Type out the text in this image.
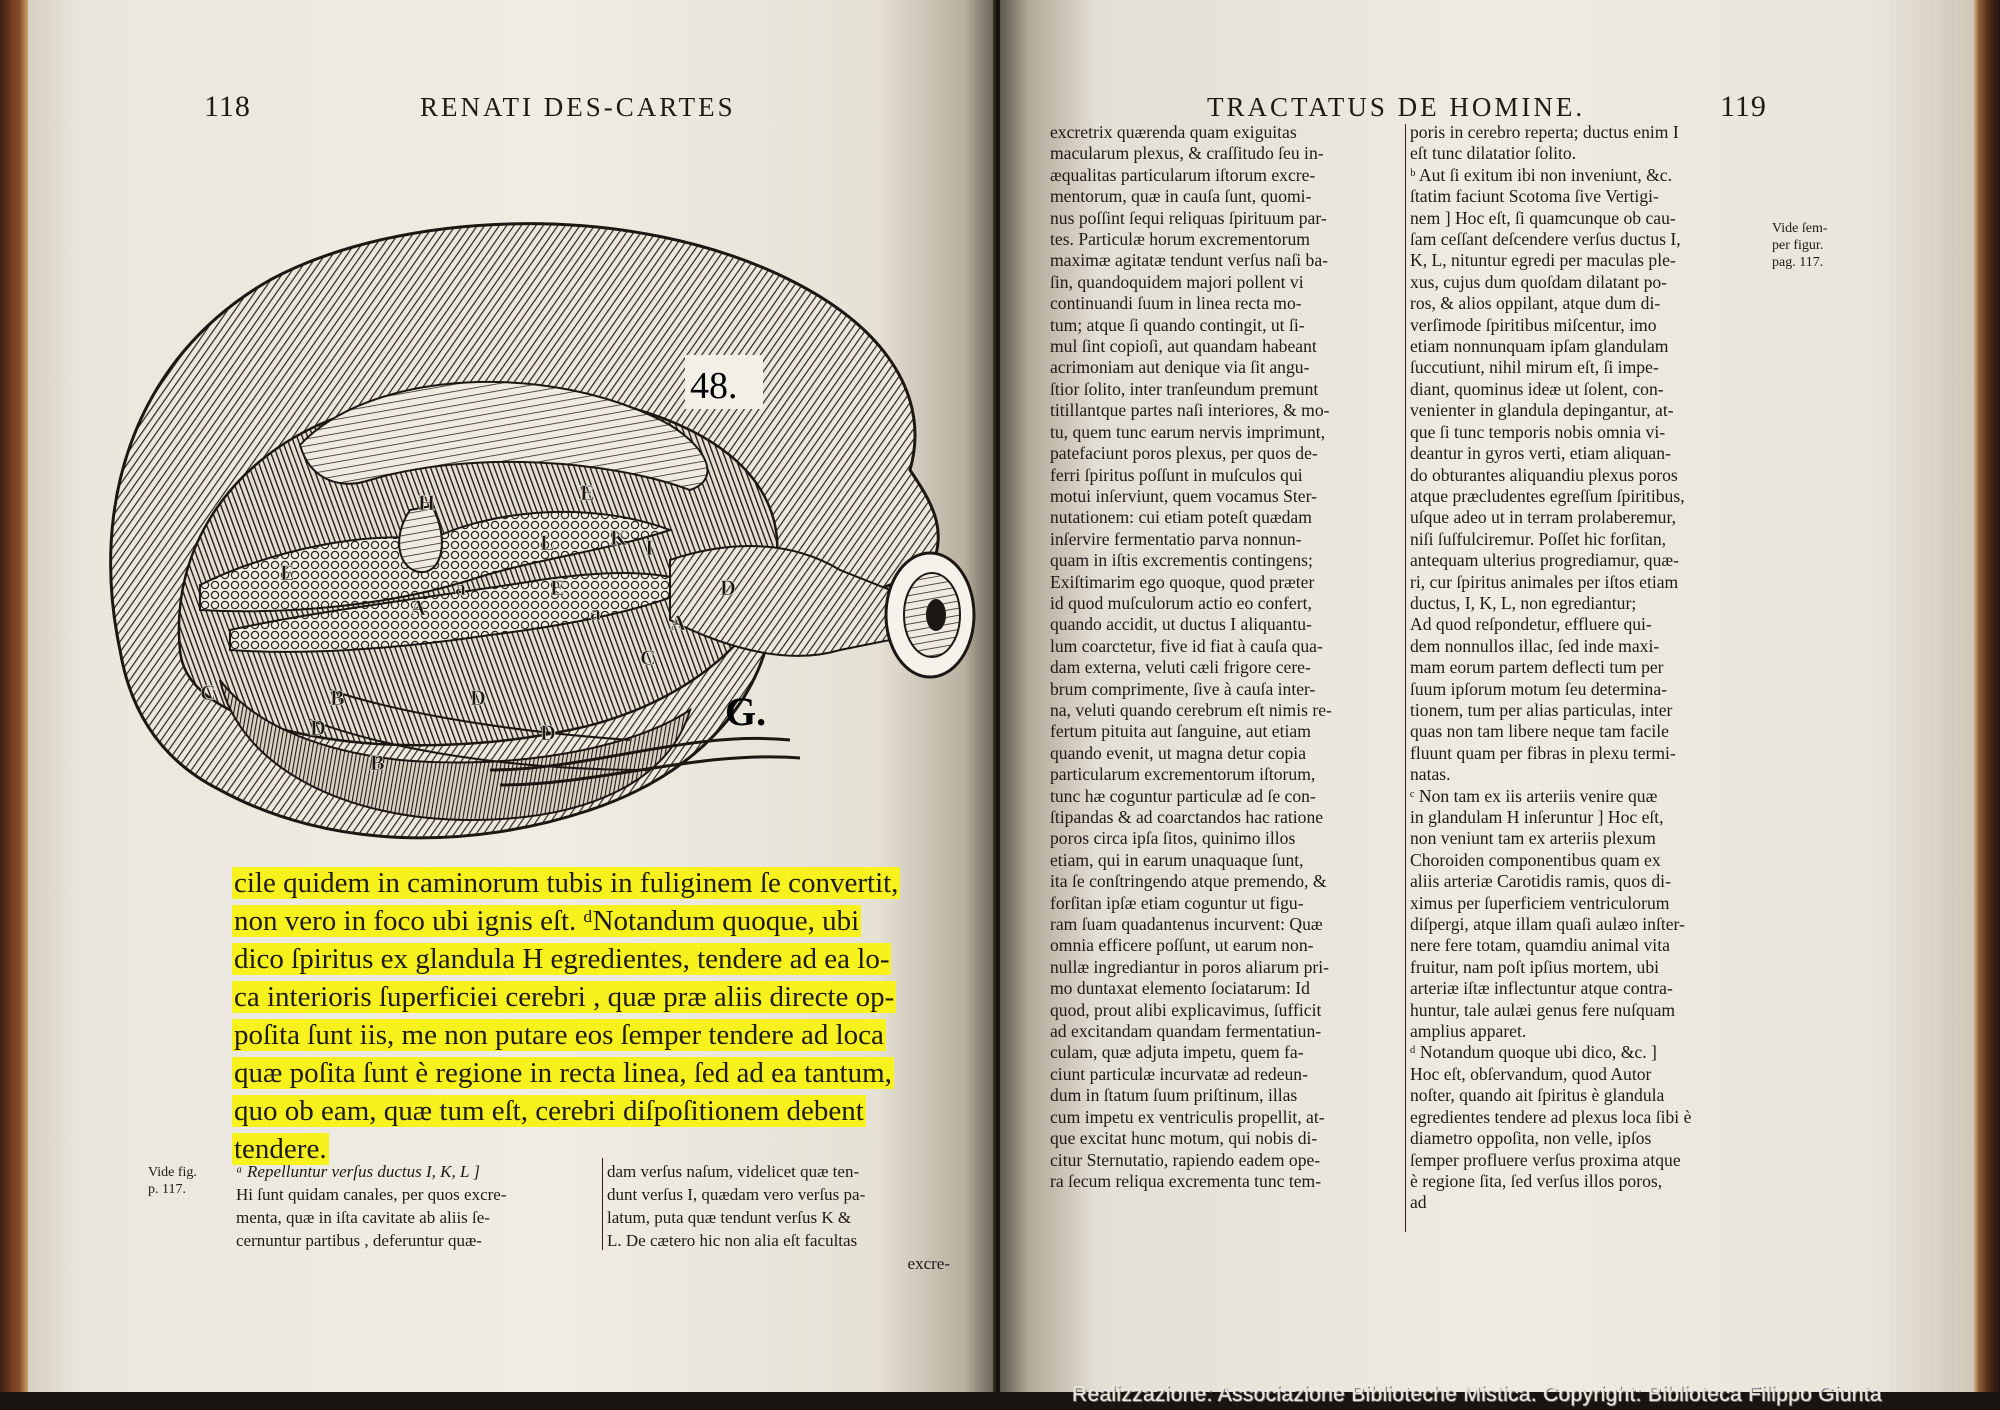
118	RENATI DES-CARTES
48.
G.
H	E
E
K I
L
E
a
a
A
A
B
B
C
C
D
D
D
D
cile quidem in caminorum tubis in fuliginem ſe convertit,
non vero in foco ubi ignis eſt. ᵈNotandum quoque, ubi
dico ſpiritus ex glandula H egredientes, tendere ad ea lo-
ca interioris ſuperficiei cerebri , quæ præ aliis directe op-
poſita ſunt iis, me non putare eos ſemper tendere ad loca
quæ poſita ſunt è regione in recta linea, ſed ad ea tantum,
quo ob eam, quæ tum eſt, cerebri diſpoſitionem debent
tendere.
Vide fig.
p. 117.
ᵃ Repelluntur verſus ductus I, K, L ]
Hi ſunt quidam canales, per quos excre-
menta, quæ in iſta cavitate ab aliis ſe-
cernuntur partibus , deferuntur quæ-
dam verſus naſum, videlicet quæ ten-
dunt verſus I, quædam vero verſus pa-
latum, puta quæ tendunt verſus K &
L. De cætero hic non alia eſt facultas
excre-
TRACTATUS DE HOMINE.	119
excretrix quærenda quam exiguitas
macularum plexus, & craſſitudo ſeu in-
æqualitas particularum iſtorum excre-
mentorum, quæ in cauſa ſunt, quomi-
nus poſſint ſequi reliquas ſpirituum par-
tes. Particulæ horum excrementorum
maximæ agitatæ tendunt verſus naſi ba-
ſin, quandoquidem majori pollent vi
continuandi ſuum in linea recta mo-
tum; atque ſi quando contingit, ut ſi-
mul ſint copioſi, aut quandam habeant
acrimoniam aut denique via ſit angu-
ſtior ſolito, inter tranſeundum premunt
titillantque partes naſi interiores, & mo-
tu, quem tunc earum nervis imprimunt,
patefaciunt poros plexus, per quos de-
ferri ſpiritus poſſunt in muſculos qui
motui inſerviunt, quem vocamus Ster-
nutationem: cui etiam poteſt quædam
inſervire fermentatio parva nonnun-
quam in iſtis excrementis contingens;
Exiſtimarim ego quoque, quod præter
id quod muſculorum actio eo confert,
quando accidit, ut ductus I aliquantu-
lum coarctetur, five id fiat à cauſa qua-
dam externa, veluti cæli frigore cere-
brum comprimente, ſive à cauſa inter-
na, veluti quando cerebrum eſt nimis re-
fertum pituita aut ſanguine, aut etiam
quando evenit, ut magna detur copia
particularum excrementorum iſtorum,
tunc hæ coguntur particulæ ad ſe con-
ſtipandas & ad coarctandos hac ratione
poros circa ipſa ſitos, quinimo illos
etiam, qui in earum unaquaque ſunt,
ita ſe conſtringendo atque premendo, &
forſitan ipſæ etiam coguntur ut figu-
ram ſuam quadantenus incurvent: Quæ
omnia efficere poſſunt, ut earum non-
nullæ ingrediantur in poros aliarum pri-
mo duntaxat elemento ſociatarum: Id
quod, prout alibi explicavimus, ſufficit
ad excitandam quandam fermentatiun-
culam, quæ adjuta impetu, quem fa-
ciunt particulæ incurvatæ ad redeun-
dum in ſtatum ſuum priſtinum, illas
cum impetu ex ventriculis propellit, at-
que excitat hunc motum, qui nobis di-
citur Sternutatio, rapiendo eadem ope-
ra ſecum reliqua excrementa tunc tem-
poris in cerebro reperta; ductus enim I
eſt tunc dilatatior ſolito.
ᵇ Aut ſi exitum ibi non inveniunt, &c.
ſtatim faciunt Scotoma ſive Vertigi-
nem ] Hoc eſt, ſi quamcunque ob cau-
ſam ceſſant deſcendere verſus ductus I,
K, L, nituntur egredi per maculas ple-
xus, cujus dum quoſdam dilatant po-
ros, & alios oppilant, atque dum di-
verſimode ſpiritibus miſcentur, imo
etiam nonnunquam ipſam glandulam
ſuccutiunt, nihil mirum eſt, ſi impe-
diant, quominus ideæ ut ſolent, con-
venienter in glandula depingantur, at-
que ſi tunc temporis nobis omnia vi-
deantur in gyros verti, etiam aliquan-
do obturantes aliquandiu plexus poros
atque præcludentes egreſſum ſpiritibus,
uſque adeo ut in terram prolaberemur,
niſi ſuſfulciremur. Poſſet hic forſitan,
antequam ulterius progrediamur, quæ-
ri, cur ſpiritus animales per iſtos etiam
ductus, I, K, L, non egrediantur;
Ad quod reſpondetur, effluere qui-
dem nonnullos illac, ſed inde maxi-
mam eorum partem deflecti tum per
ſuum ipſorum motum ſeu determina-
tionem, tum per alias particulas, inter
quas non tam libere neque tam facile
fluunt quam per fibras in plexu termi-
natas.
ᶜ Non tam ex iis arteriis venire quæ
in glandulam H inſeruntur ] Hoc eſt,
non veniunt tam ex arteriis plexum
Choroiden componentibus quam ex
aliis arteriæ Carotidis ramis, quos di-
ximus per ſuperficiem ventriculorum
diſpergi, atque illam quaſi aulæo inſter-
nere fere totam, quamdiu animal vita
fruitur, nam poſt ipſius mortem, ubi
arteriæ iſtæ inflectuntur atque contra-
huntur, tale aulæi genus fere nuſquam
amplius apparet.
ᵈ Notandum quoque ubi dico, &c. ]
Hoc eſt, obſervandum, quod Autor
noſter, quando ait ſpiritus è glandula
egredientes tendere ad plexus loca ſibi è
diametro oppoſita, non velle, ipſos
ſemper profluere verſus proxima atque
è regione ſita, ſed verſus illos poros,
ad
Vide ſem-
per figur.
pag. 117.
Realizzazione: Associazione Biblioteche Mistica. Copyright: Biblioteca Filippo Giunta
